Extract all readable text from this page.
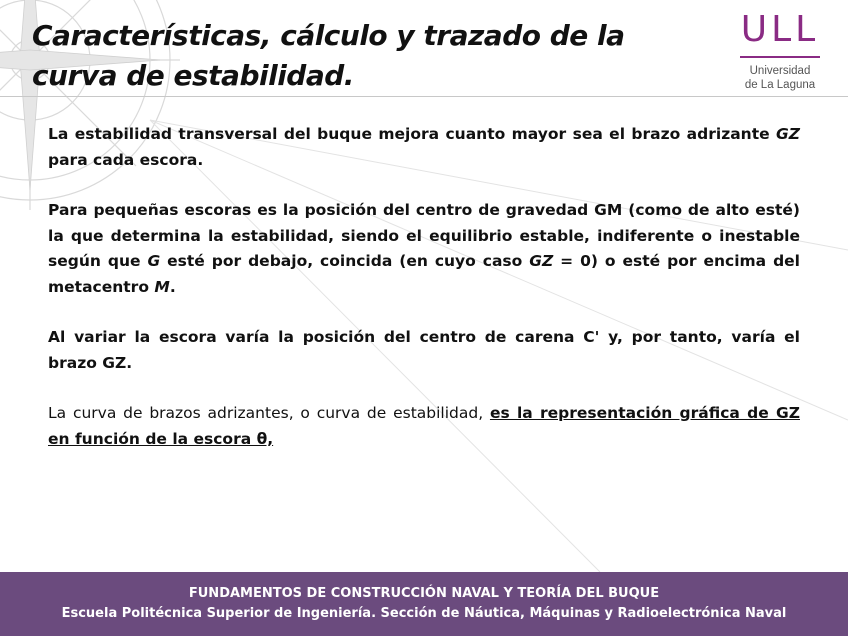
Características, cálculo y trazado de la curva de estabilidad.
ULL
Universidad
de La Laguna

La estabilidad transversal del buque mejora cuanto mayor sea el brazo adrizante GZ para cada escora.

Para pequeñas escoras es la posición del centro de gravedad GM (como de alto esté) la que determina la estabilidad, siendo el equilibrio estable, indiferente o inestable según que G esté por debajo, coincida (en cuyo caso GZ = 0) o esté por encima del metacentro M.

Al variar la escora varía la posición del centro de carena C' y, por tanto, varía el brazo GZ.

La curva de brazos adrizantes, o curva de estabilidad, es la representación gráfica de GZ en función de la escora θ,

FUNDAMENTOS DE CONSTRUCCIÓN NAVAL Y TEORÍA DEL BUQUE
Escuela Politécnica Superior de Ingeniería. Sección de Náutica, Máquinas y Radioelectrónica Naval
